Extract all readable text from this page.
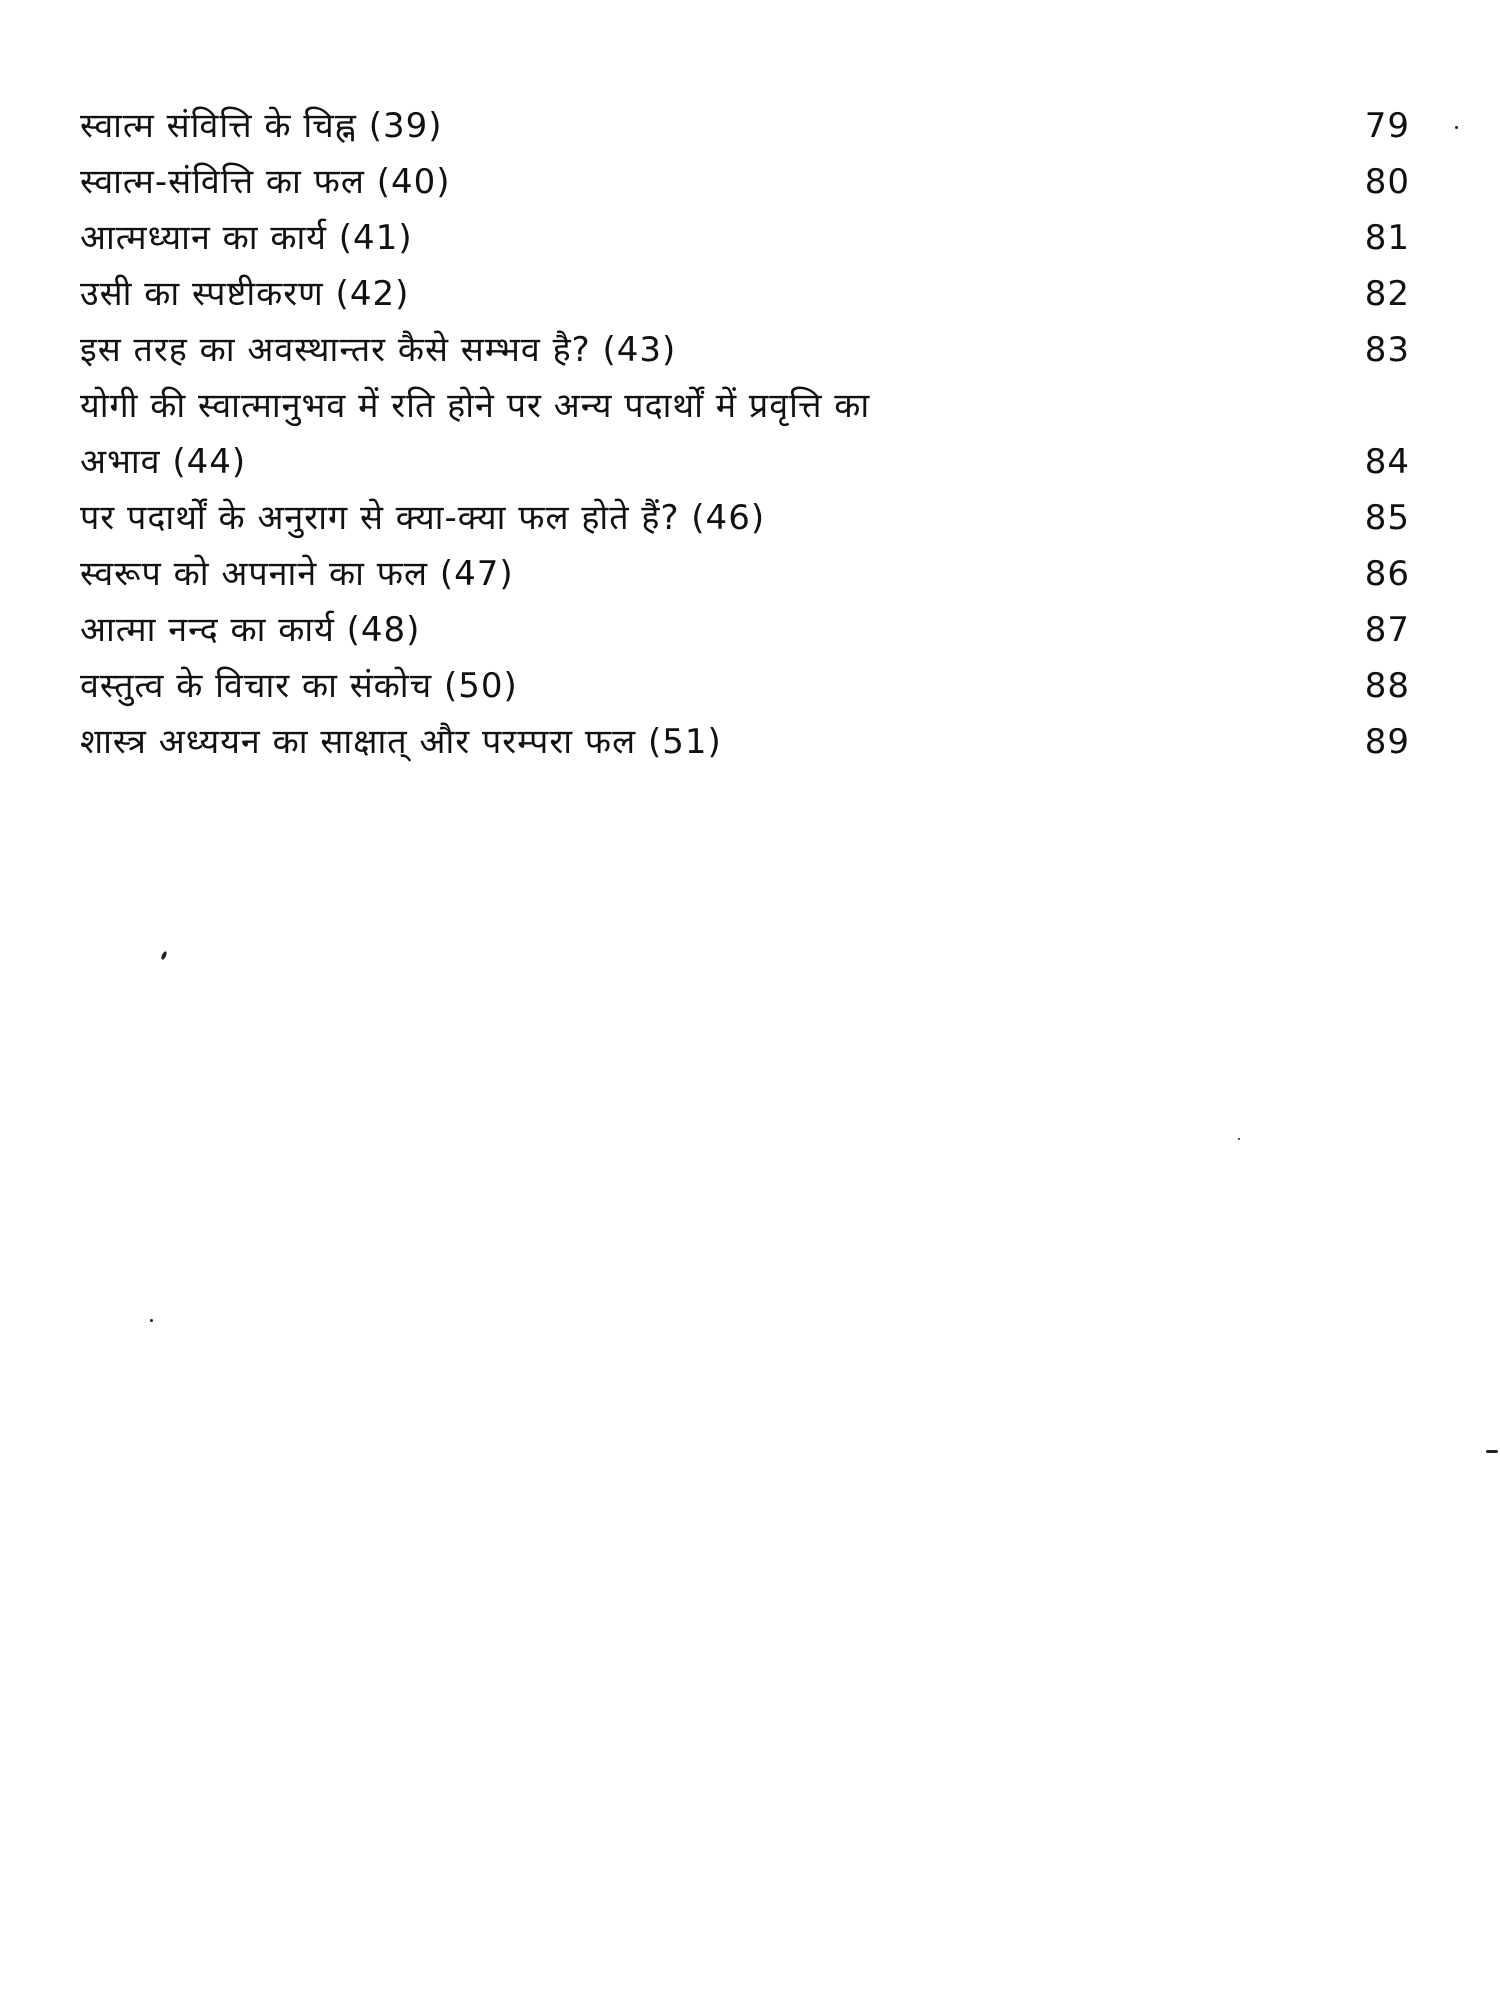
स्वात्म संवित्ति के चिह्न (39)	79
स्वात्म-संवित्ति का फल (40)	80
आत्मध्यान का कार्य (41)	81
उसी का स्पष्टीकरण (42)	82
इस तरह का अवस्थान्तर कैसे सम्भव है? (43)	83
योगी की स्वात्मानुभव में रति होने पर अन्य पदार्थों में प्रवृत्ति का
अभाव (44)	84
पर पदार्थों के अनुराग से क्या-क्या फल होते हैं? (46)	85
स्वरूप को अपनाने का फल (47)	86
आत्मा नन्द का कार्य (48)	87
वस्तुत्व के विचार का संकोच (50)	88
शास्त्र अध्ययन का साक्षात् और परम्परा फल (51)	89
